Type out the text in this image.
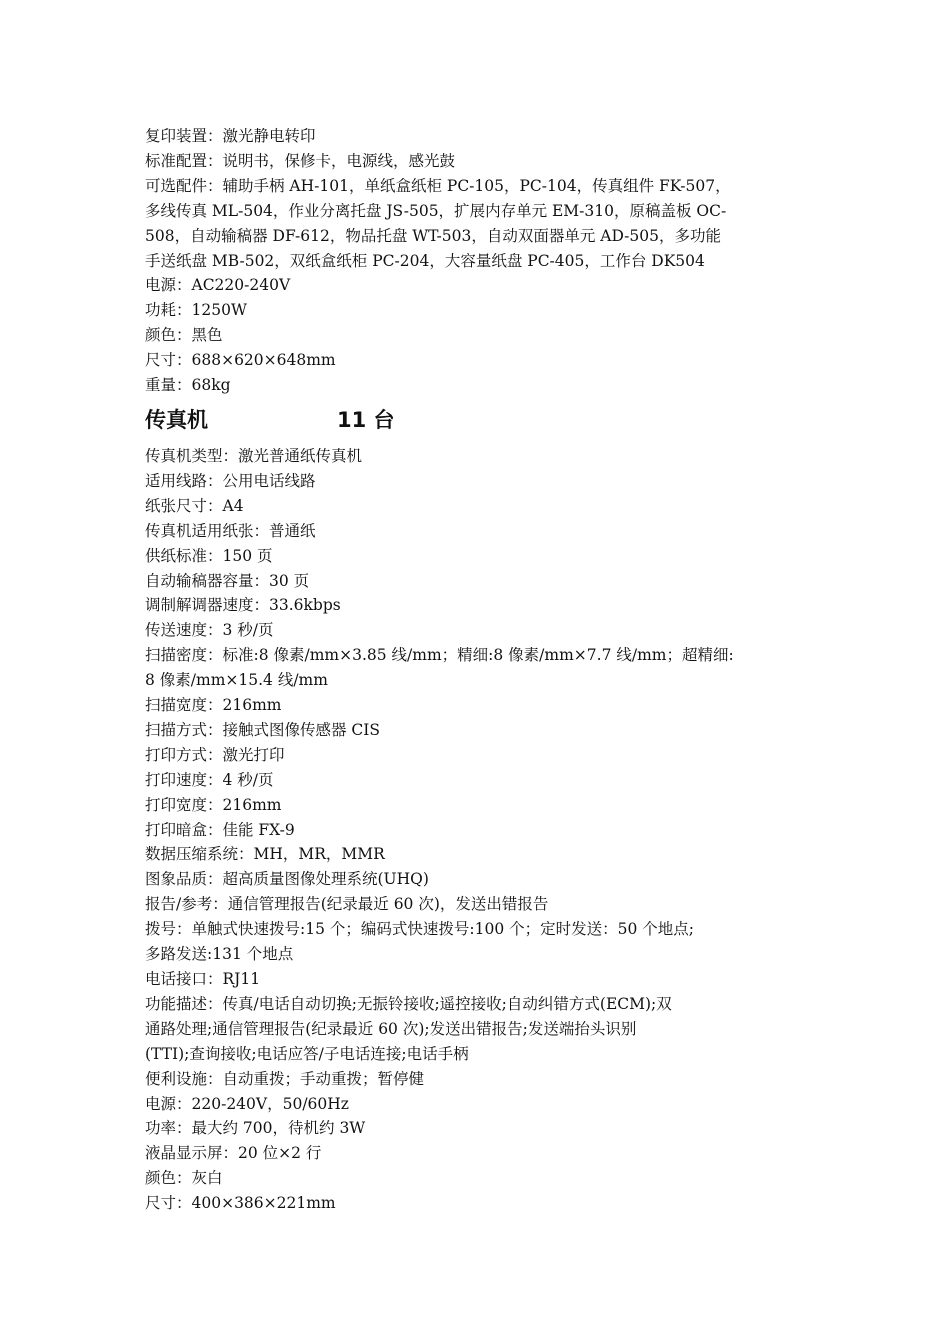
复印装置：激光静电转印

标准配置：说明书，保修卡，电源线，感光鼓

可选配件：辅助手柄 AH-101，单纸盒纸柜 PC-105，PC-104，传真组件 FK-507，

多线传真 ML-504，作业分离托盘 JS-505，扩展内存单元 EM-310，原稿盖板 OC-

508，自动输稿器 DF-612，物品托盘 WT-503，自动双面器单元 AD-505，多功能

手送纸盘 MB-502，双纸盒纸柜 PC-204，大容量纸盘 PC-405，工作台 DK504

电源：AC220-240V

功耗：1250W

颜色：黑色

尺寸：688×620×648mm

重量：68kg

传真机	11 台

传真机类型：激光普通纸传真机

适用线路：公用电话线路

纸张尺寸：A4

传真机适用纸张：普通纸

供纸标准：150 页

自动输稿器容量：30 页

调制解调器速度：33.6kbps

传送速度：3 秒/页

扫描密度：标准:8 像素/mm×3.85 线/mm；精细:8 像素/mm×7.7 线/mm；超精细:

8 像素/mm×15.4 线/mm

扫描宽度：216mm

扫描方式：接触式图像传感器 CIS

打印方式：激光打印

打印速度：4 秒/页

打印宽度：216mm

打印暗盒：佳能 FX-9

数据压缩系统：MH，MR，MMR

图象品质：超高质量图像处理系统(UHQ)

报告/参考：通信管理报告(纪录最近 60 次)，发送出错报告

拨号：单触式快速拨号:15 个；编码式快速拨号:100 个；定时发送：50 个地点;

多路发送:131 个地点

电话接口：RJ11

功能描述：传真/电话自动切换;无振铃接收;遥控接收;自动纠错方式(ECM);双

通路处理;通信管理报告(纪录最近 60 次);发送出错报告;发送端抬头识别

(TTI);查询接收;电话应答/子电话连接;电话手柄

便利设施：自动重拨；手动重拨；暂停健

电源：220-240V，50/60Hz

功率：最大约 700，待机约 3W

液晶显示屏：20 位×2 行

颜色：灰白

尺寸：400×386×221mm
